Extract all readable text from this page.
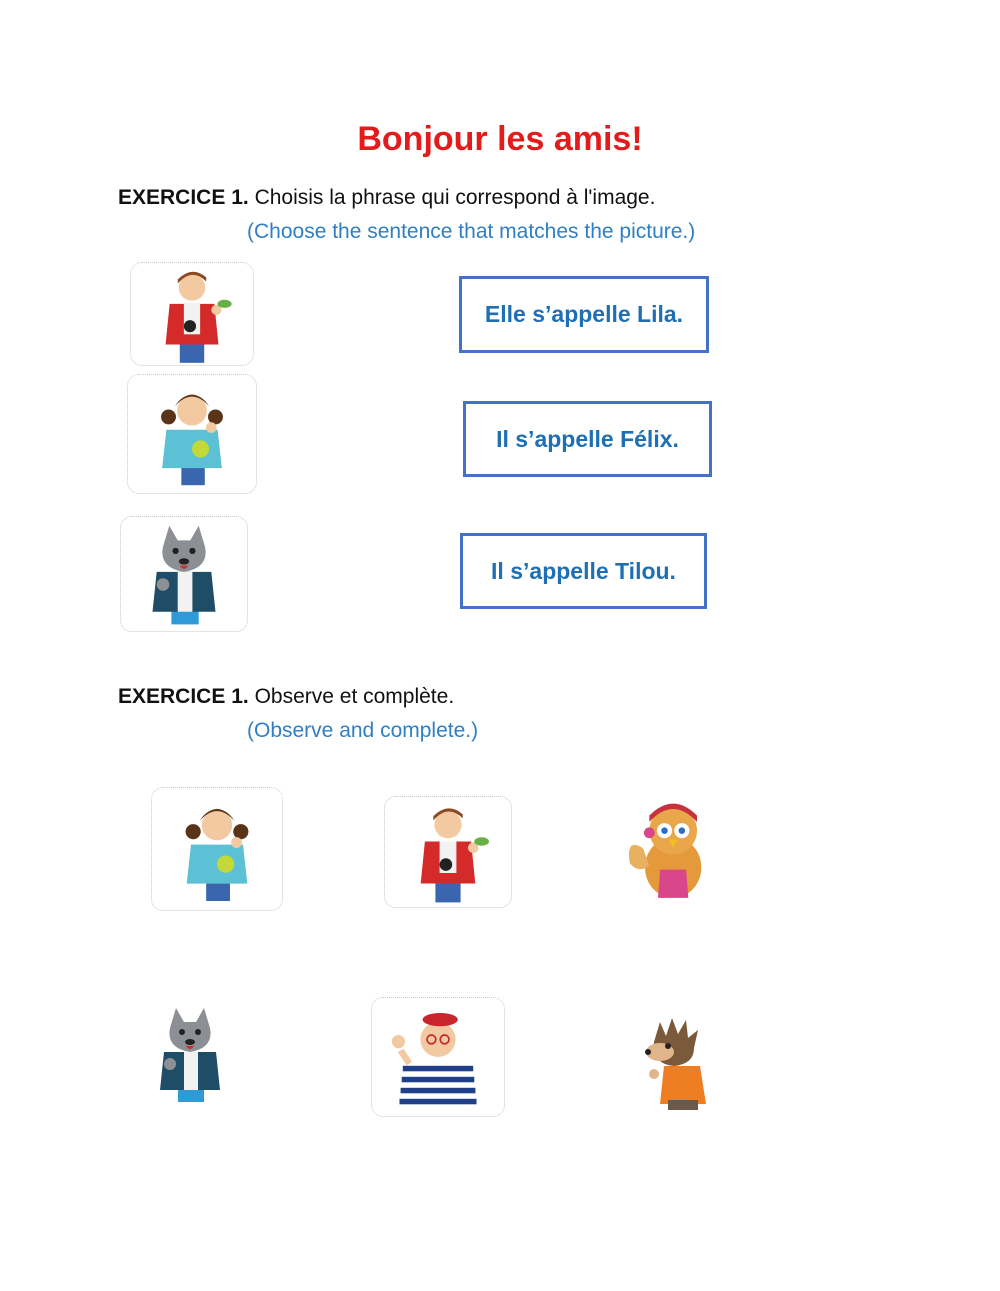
Bonjour les amis!
EXERCICE 1. Choisis la phrase qui correspond à l'image.
(Choose the sentence that matches the picture.)
Elle s’appelle Lila.
Il s’appelle Félix.
Il s’appelle Tilou.
EXERCICE 1. Observe et complète.
(Observe and complete.)
